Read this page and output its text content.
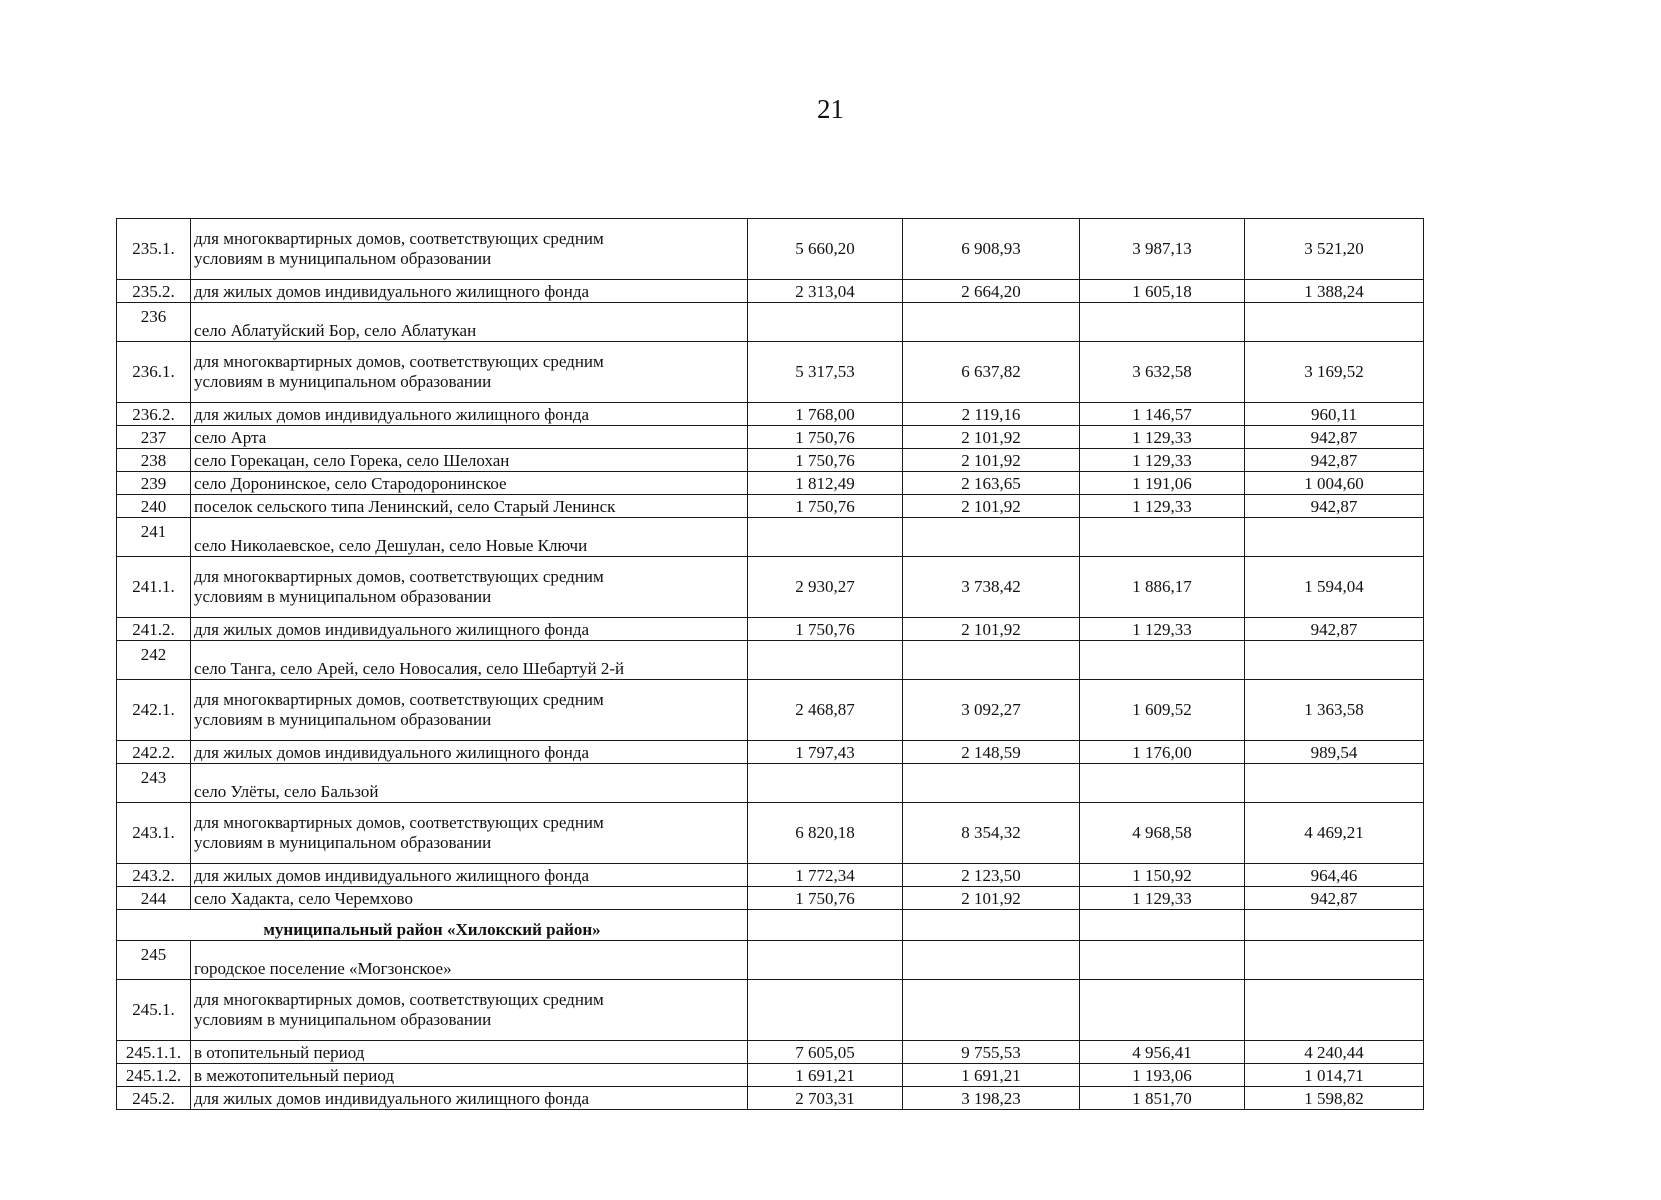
21
235.1.	для многоквартирных домов, соответствующих средним
условиям в муниципальном образовании	5 660,20	6 908,93	3 987,13	3 521,20

235.2.	для жилых домов индивидуального жилищного фонда	2 313,04	2 664,20	1 605,18	1 388,24

236	село Аблатуйский Бор, село Аблатукан				

236.1.	для многоквартирных домов, соответствующих средним
условиям в муниципальном образовании	5 317,53	6 637,82	3 632,58	3 169,52

236.2.	для жилых домов индивидуального жилищного фонда	1 768,00	2 119,16	1 146,57	960,11

237	село Арта	1 750,76	2 101,92	1 129,33	942,87

238	село Горекацан, село Горека, село Шелохан	1 750,76	2 101,92	1 129,33	942,87

239	село Доронинское, село Стародоронинское	1 812,49	2 163,65	1 191,06	1 004,60

240	поселок сельского типа Ленинский, село Старый Ленинск	1 750,76	2 101,92	1 129,33	942,87

241	село Николаевское, село Дешулан, село Новые Ключи				

241.1.	для многоквартирных домов, соответствующих средним
условиям в муниципальном образовании	2 930,27	3 738,42	1 886,17	1 594,04

241.2.	для жилых домов индивидуального жилищного фонда	1 750,76	2 101,92	1 129,33	942,87

242	село Танга, село Арей, село Новосалия, село Шебартуй 2-й				

242.1.	для многоквартирных домов, соответствующих средним
условиям в муниципальном образовании	2 468,87	3 092,27	1 609,52	1 363,58

242.2.	для жилых домов индивидуального жилищного фонда	1 797,43	2 148,59	1 176,00	989,54

243	село Улёты, село Бальзой				

243.1.	для многоквартирных домов, соответствующих средним
условиям в муниципальном образовании	6 820,18	8 354,32	4 968,58	4 469,21

243.2.	для жилых домов индивидуального жилищного фонда	1 772,34	2 123,50	1 150,92	964,46

244	село Хадакта, село Черемхово	1 750,76	2 101,92	1 129,33	942,87
муниципальный район «Хилокский район»					

245	городское поселение «Могзонское»				

245.1.	для многоквартирных домов, соответствующих средним
условиям в муниципальном образовании				

245.1.1.	в отопительный период	7 605,05	9 755,53	4 956,41	4 240,44

245.1.2.	в межотопительный период	1 691,21	1 691,21	1 193,06	1 014,71

245.2.	для жилых домов индивидуального жилищного фонда	2 703,31	3 198,23	1 851,70	1 598,82
